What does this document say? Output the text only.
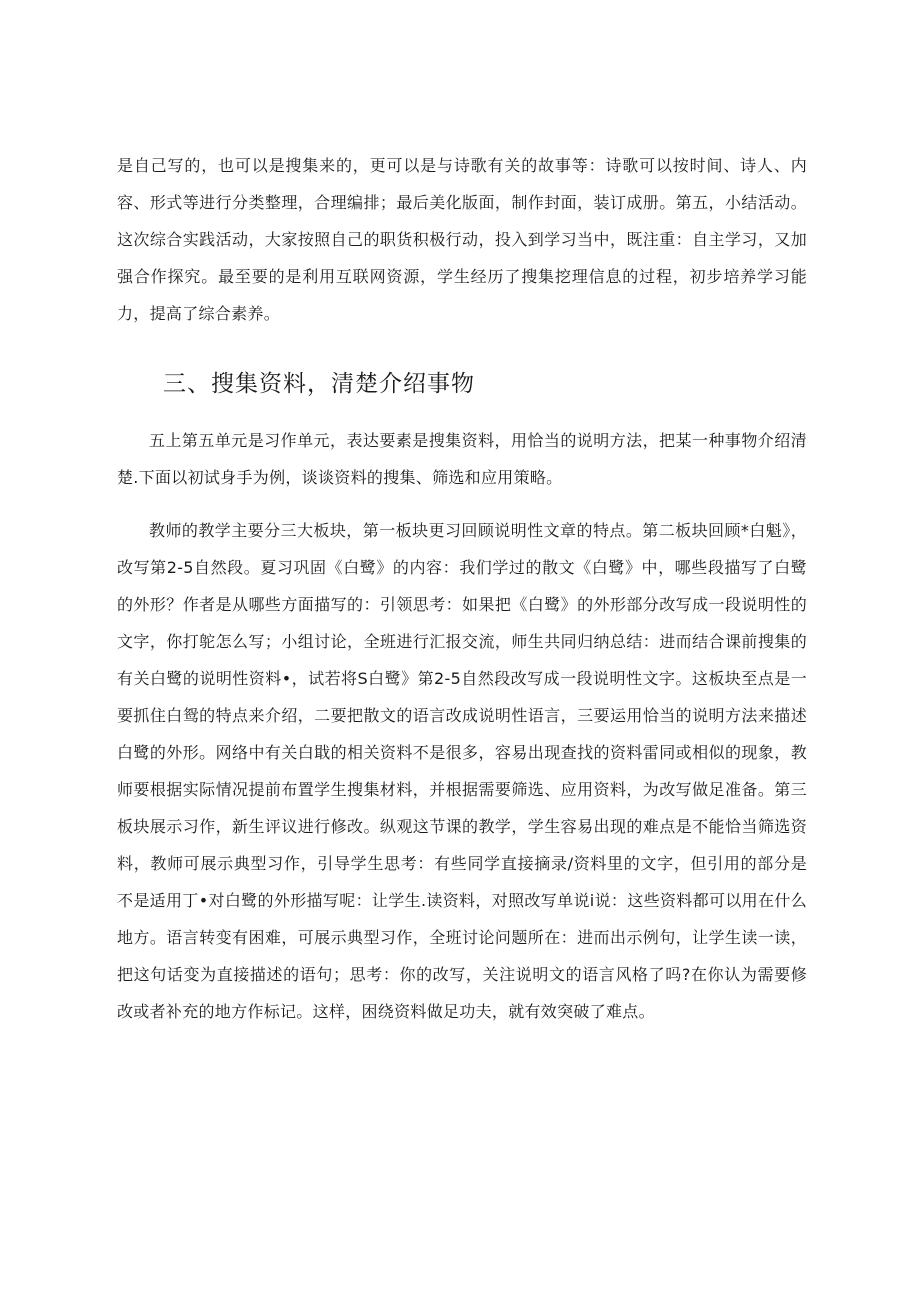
是自己写的，也可以是搜集来的，更可以是与诗歌有关的故事等：诗歌可以按时间、诗人、内容、形式等进行分类整理，合理编排；最后美化版面，制作封面，装订成册。第五，小结活动。这次综合实践活动，大家按照自己的职货积极行动，投入到学习当中，既注重：自主学习，又加强合作探究。最至要的是利用互联网资源，学生经历了搜集挖理信息的过程，初步培养学习能力，提高了综合素养。

三、搜集资料，清楚介绍事物

五上第五单元是习作单元，表达要素是搜集资料，用恰当的说明方法，把某一种事物介绍清楚.下面以初试身手为例，谈谈资料的搜集、筛选和应用策略。

教师的教学主要分三大板块，第一板块更习回顾说明性文章的特点。第二板块回顾*白魁》，改写第2-5自然段。夏习巩固《白鹭》的内容：我们学过的散文《白鹭》中，哪些段描写了白鹭的外形？作者是从哪些方面描写的：引领思考：如果把《白鹭》的外形部分改写成一段说明性的文字，你打鸵怎么写；小组讨论，全班进行汇报交流，师生共同归纳总结：进而结合课前搜集的有关白鹭的说明性资料•，试若将S白鹭》第2-5自然段改写成一段说明性文字。这板块至点是一要抓住白鸳的特点来介绍，二要把散文的语言改成说明性语言，三要运用恰当的说明方法来描述白鹭的外形。网络中有关白戢的相关资料不是很多，容易出现查找的资料雷同或相似的现象，教师要根据实际情况提前布置学生搜集材料，并根据需要筛选、应用资料，为改写做足准备。第三板块展示习作，新生评议进行修改。纵观这节课的教学，学生容易出现的难点是不能恰当筛选资料，教师可展示典型习作，引导学生思考：有些同学直接摘录/资料里的文字，但引用的部分是不是适用丁•对白鹭的外形描写呢：让学生.读资料，对照改写单说i说：这些资料都可以用在什么地方。语言转变有困难，可展示典型习作，全班讨论问题所在：进而出示例句，让学生读一读，把这句话变为直接描述的语句；思考：你的改写，关注说明文的语言风格了吗?在你认为需要修改或者补充的地方作标记。这样，困绕资料做足功夫，就有效突破了难点。
